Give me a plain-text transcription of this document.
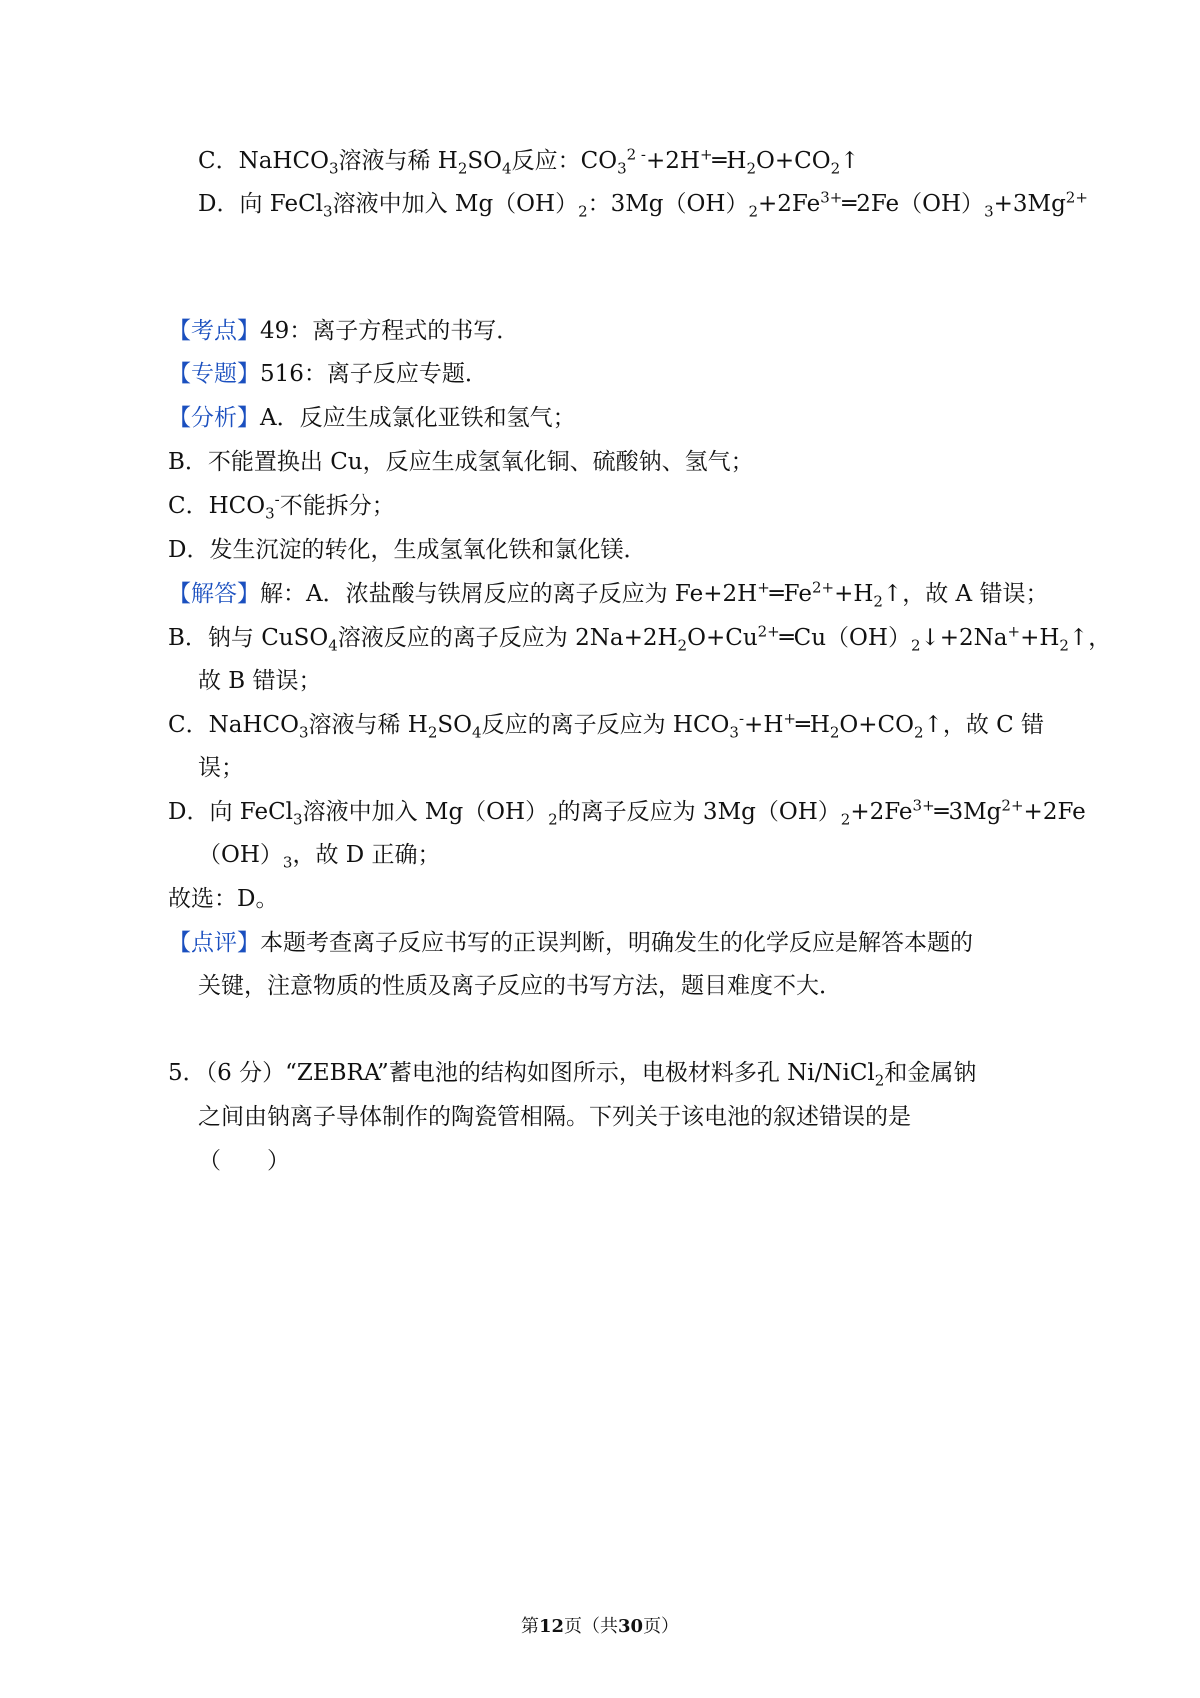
C．NaHCO$_3$溶液与稀 $H_2SO_4$反应：$CO_3^{2 -}+2H^+═H_2O+CO_2↑$
D．向 FeCl$_3$溶液中加入 $Mg(OH)_2$：$3Mg(OH)_2+2Fe^{3+}═2Fe(OH)_3+3Mg^{2+}$
【考点】49：离子方程式的书写．
【专题】516：离子反应专题．
【分析】A．反应生成氯化亚铁和氢气；
B．不能置换出 Cu，反应生成氢氧化铜、硫酸钠、氢气；
C．$HCO_3^-$不能拆分；
D．发生沉淀的转化，生成氢氧化铁和氯化镁．
【解答】解：A．浓盐酸与铁屑反应的离子反应为 $Fe+2H^+═Fe^{2+}+H_2↑$，故 A 错误；
B．钠与 CuSO$_4$溶液反应的离子反应为 $2Na+2H_2O+Cu^{2+}═Cu(OH)_2↓+2Na^++H_2↑$，
故 B 错误；
C．NaHCO$_3$溶液与稀 $H_2SO_4$反应的离子反应为 $HCO_3^-+H^+═H_2O+CO_2↑$，故 C 错
误；
D．向 FeCl$_3$溶液中加入 $Mg(OH)_2$的离子反应为 $3Mg(OH)_2+2Fe^{3+}═3Mg^{2+}+2Fe$
$(OH)_3$，故 D 正确；
故选：D。
【点评】本题考查离子反应书写的正误判断，明确发生的化学反应是解答本题的
关键，注意物质的性质及离子反应的书写方法，题目难度不大．
5．（6 分）“ZEBRA”蓄电池的结构如图所示，电极材料多孔 Ni/NiCl$_2$和金属钠
之间由钠离子导体制作的陶瓷管相隔。下列关于该电池的叙述错误的是
（　　）
第12页（共30页）
